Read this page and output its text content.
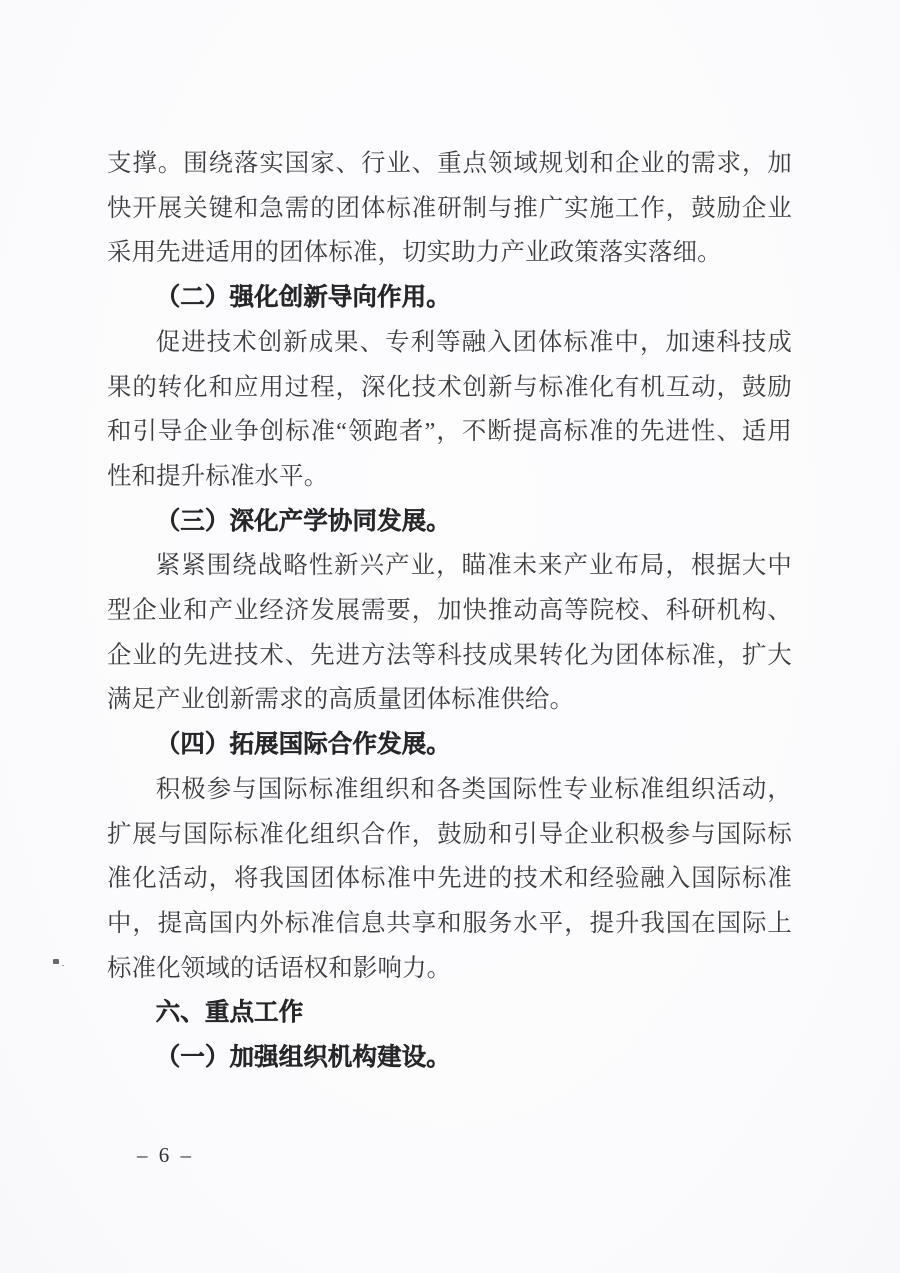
支撑。围绕落实国家、行业、重点领域规划和企业的需求，加快开展关键和急需的团体标准研制与推广实施工作，鼓励企业采用先进适用的团体标准，切实助力产业政策落实落细。

（二）强化创新导向作用。

促进技术创新成果、专利等融入团体标准中，加速科技成果的转化和应用过程，深化技术创新与标准化有机互动，鼓励和引导企业争创标准“领跑者”，不断提高标准的先进性、适用性和提升标准水平。

（三）深化产学协同发展。

紧紧围绕战略性新兴产业，瞄准未来产业布局，根据大中型企业和产业经济发展需要，加快推动高等院校、科研机构、企业的先进技术、先进方法等科技成果转化为团体标准，扩大满足产业创新需求的高质量团体标准供给。

（四）拓展国际合作发展。

积极参与国际标准组织和各类国际性专业标准组织活动，扩展与国际标准化组织合作，鼓励和引导企业积极参与国际标准化活动，将我国团体标准中先进的技术和经验融入国际标准中，提高国内外标准信息共享和服务水平，提升我国在国际上标准化领域的话语权和影响力。

六、重点工作

（一）加强组织机构建设。

– 6 –
